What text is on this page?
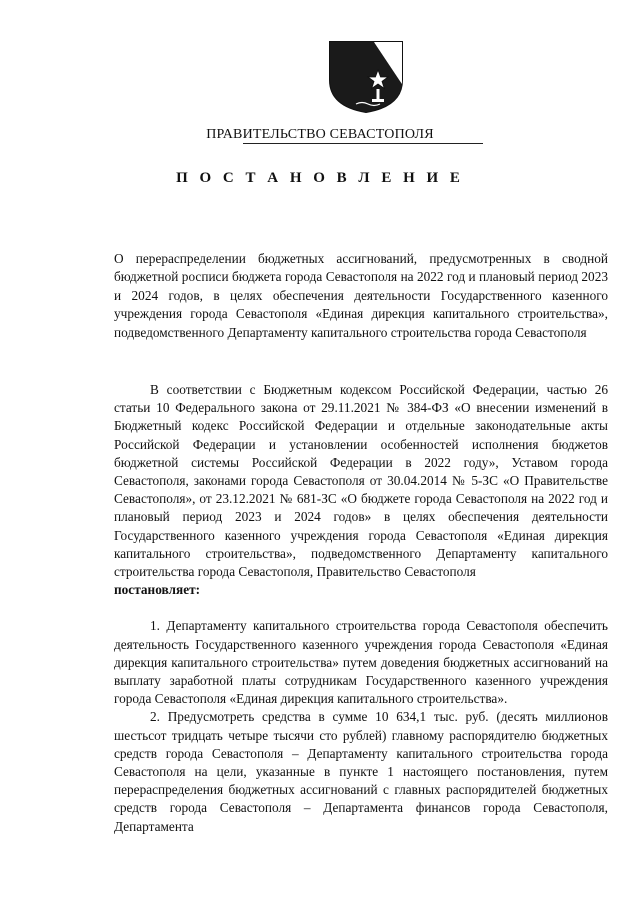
ПРАВИТЕЛЬСТВО СЕВАСТОПОЛЯ
П О С Т А Н О В Л Е Н И Е

О перераспределении бюджетных ассигнований, предусмотренных в сводной бюджетной росписи бюджета города Севастополя на 2022 год и плановый период 2023 и 2024 годов, в целях обеспечения деятельности Государственного казенного учреждения города Севастополя «Единая дирекция капитального строительства», подведомственного Департаменту капитального строительства города Севастополя

В соответствии с Бюджетным кодексом Российской Федерации, частью 26 статьи 10 Федерального закона от 29.11.2021 № 384-ФЗ «О внесении изменений в Бюджетный кодекс Российской Федерации и отдельные законодательные акты Российской Федерации и установлении особенностей исполнения бюджетов бюджетной системы Российской Федерации в 2022 году», Уставом города Севастополя, законами города Севастополя от 30.04.2014 № 5-ЗС «О Правительстве Севастополя», от 23.12.2021 № 681-ЗС «О бюджете города Севастополя на 2022 год и плановый период 2023 и 2024 годов» в целях обеспечения деятельности Государственного казенного учреждения города Севастополя «Единая дирекция капитального строительства», подведомственного Департаменту капитального строительства города Севастополя, Правительство Севастополя
постановляет:

1. Департаменту капитального строительства города Севастополя обеспечить деятельность Государственного казенного учреждения города Севастополя «Единая дирекция капитального строительства» путем доведения бюджетных ассигнований на выплату заработной платы сотрудникам Государственного казенного учреждения города Севастополя «Единая дирекция капитального строительства».

2. Предусмотреть средства в сумме 10 634,1 тыс. руб. (десять миллионов шестьсот тридцать четыре тысячи сто рублей) главному распорядителю бюджетных средств города Севастополя – Департаменту капитального строительства города Севастополя на цели, указанные в пункте 1 настоящего постановления, путем перераспределения бюджетных ассигнований с главных распорядителей бюджетных средств города Севастополя – Департамента финансов города Севастополя, Департамента
